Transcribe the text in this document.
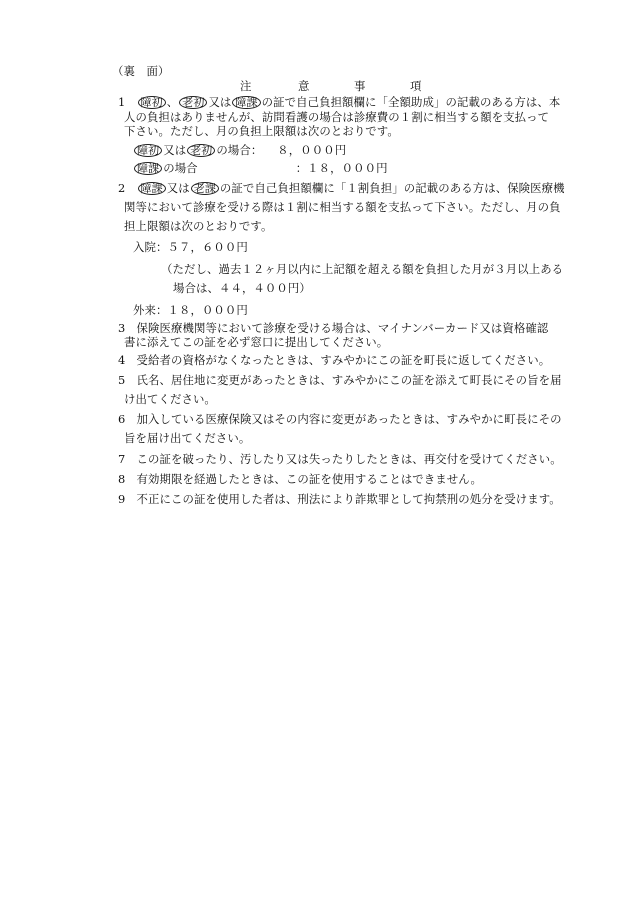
（裏　面）
注	意	事	項
1 障初 、 老初 又は 障課 の証で自己負担額欄に「全額助成」の記載のある方は、本
人の負担はありませんが、訪問看護の場合は診療費の１割に相当する額を支払って
下さい。ただし、月の負担上限額は次のとおりです。
障初 又は 老初 の場合： ８，０００円
障課 の場合	：１８，０００円
2 障課 又は 老課 の証で自己負担額欄に「１割負担」の記載のある方は、保険医療機
関等において診療を受ける際は１割に相当する額を支払って下さい。ただし、月の負
担上限額は次のとおりです。
入院：５７，６００円
（ただし、過去１２ヶ月以内に上記額を超える額を負担した月が３月以上ある
場合は、４４，４００円）
外来：１８，０００円
3 保険医療機関等において診療を受ける場合は、マイナンバーカード又は資格確認
書に添えてこの証を必ず窓口に提出してください。
4 受給者の資格がなくなったときは、すみやかにこの証を町長に返してください。
5 氏名、居住地に変更があったときは、すみやかにこの証を添えて町長にその旨を届
け出てください。
6 加入している医療保険又はその内容に変更があったときは、すみやかに町長にその
旨を届け出てください。
7 この証を破ったり、汚したり又は失ったりしたときは、再交付を受けてください。
8 有効期限を経過したときは、この証を使用することはできません。
9 不正にこの証を使用した者は、刑法により詐欺罪として拘禁刑の処分を受けます。
